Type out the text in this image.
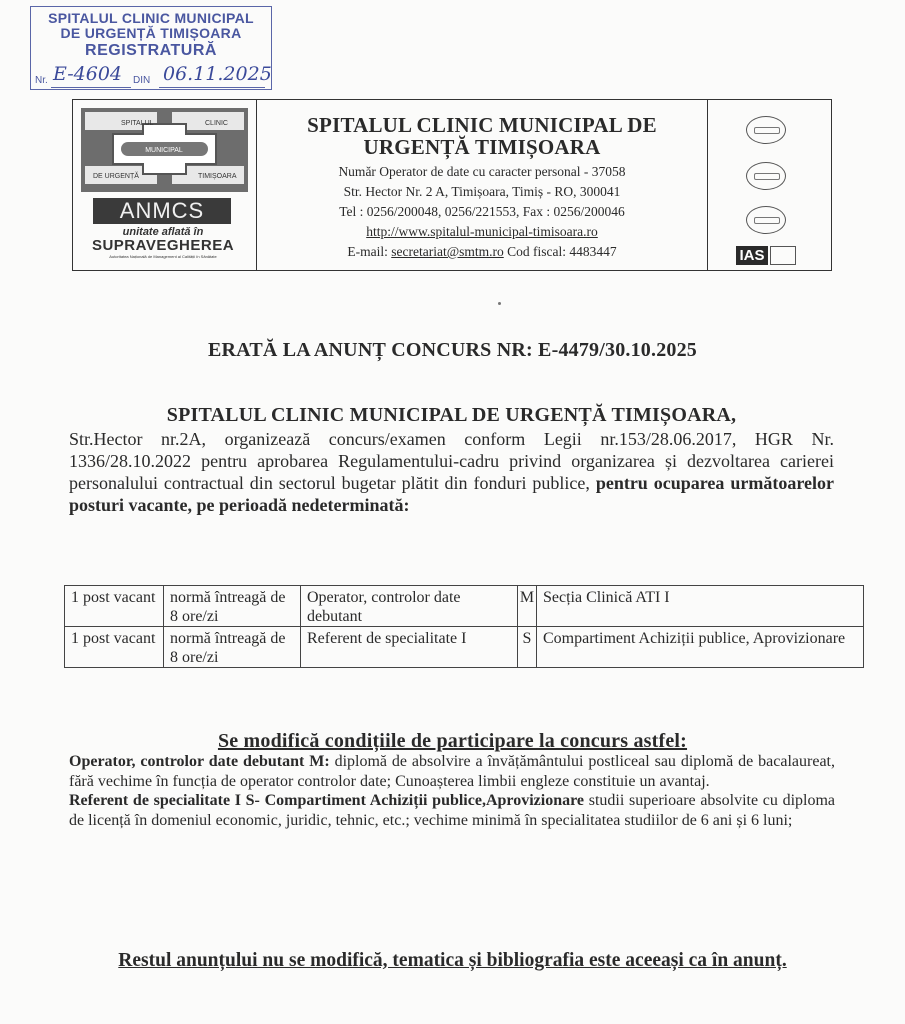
SPITALUL CLINIC MUNICIPAL
DE URGENȚĂ TIMIȘOARA
REGISTRATURĂ
Nr. E-4604 DIN 06.11.2025
SPITALUL	CLINIC
MUNICIPAL
DE URGENȚĂ	TIMIȘOARA
ANMCS
unitate aflată în
SUPRAVEGHEREA
Autoritatea Națională de Management al Calității în Sănătate
SPITALUL CLINIC MUNICIPAL DE
URGENȚĂ TIMIȘOARA
Număr Operator de date cu caracter personal - 37058
Str. Hector Nr. 2 A, Timișoara, Timiș - RO, 300041
Tel : 0256/200048, 0256/221553, Fax : 0256/200046
http://www.spitalul-municipal-timisoara.ro
E-mail: secretariat@smtm.ro Cod fiscal: 4483447	IAS
ERATĂ LA ANUNȚ CONCURS NR: E-4479/30.10.2025
SPITALUL CLINIC MUNICIPAL DE URGENȚĂ TIMIȘOARA,
Str.Hector nr.2A, organizează concurs/examen conform Legii nr.153/28.06.2017, HGR Nr. 1336/28.10.2022 pentru aprobarea Regulamentului-cadru privind organizarea și dezvoltarea carierei personalului contractual din sectorul bugetar plătit din fonduri publice, pentru ocuparea următoarelor posturi vacante, pe perioadă nedeterminată:
1 post vacant	normă întreagă de 8 ore/zi	Operator, controlor date debutant	M	Secția Clinică ATI I
1 post vacant	normă întreagă de 8 ore/zi	Referent de specialitate I	S	Compartiment Achiziții publice, Aprovizionare
Se modifică condițiile de participare la concurs astfel:

Operator, controlor date debutant M: diplomă de absolvire a învățământului postliceal sau diplomă de bacalaureat, fără vechime în funcția de operator controlor date; Cunoașterea limbii engleze constituie un avantaj.

Referent de specialitate I S- Compartiment Achiziții publice,Aprovizionare studii superioare absolvite cu diploma de licență în domeniul economic, juridic, tehnic, etc.; vechime minimă în specialitatea studiilor de 6 ani și 6 luni;

Restul anunțului nu se modifică, tematica și bibliografia este aceeași ca în anunț.
